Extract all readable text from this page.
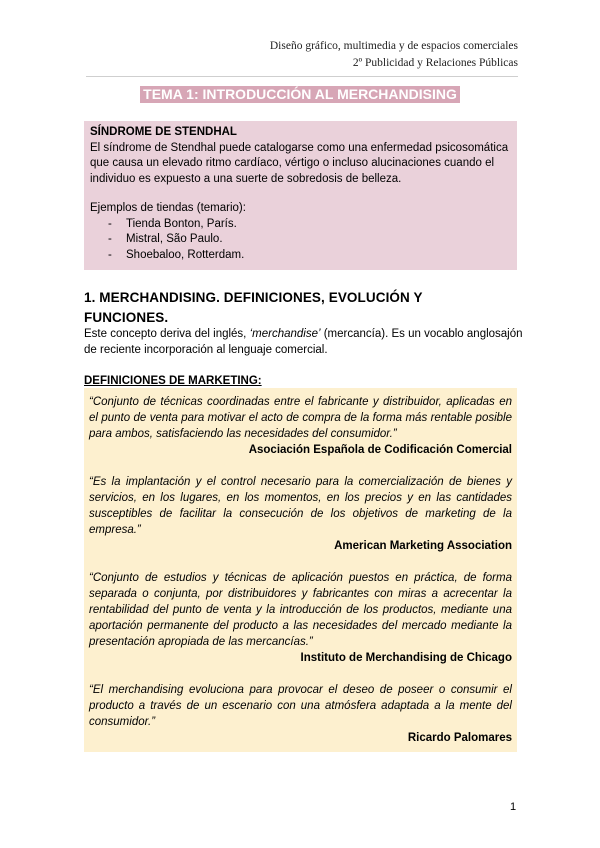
Diseño gráfico, multimedia y de espacios comerciales
2º Publicidad y Relaciones Públicas
TEMA 1: INTRODUCCIÓN AL MERCHANDISING
SÍNDROME DE STENDHAL

El síndrome de Stendhal puede catalogarse como una enfermedad psicosomática que causa un elevado ritmo cardíaco, vértigo o incluso alucinaciones cuando el individuo es expuesto a una suerte de sobredosis de belleza.

Ejemplos de tiendas (temario):
- Tienda Bonton, París.
- Mistral, São Paulo.
- Shoebaloo, Rotterdam.
1. MERCHANDISING. DEFINICIONES, EVOLUCIÓN Y FUNCIONES.
Este concepto deriva del inglés, ‘merchandise’ (mercancía). Es un vocablo anglosajón de reciente incorporación al lenguaje comercial.
DEFINICIONES DE MARKETING:

“Conjunto de técnicas coordinadas entre el fabricante y distribuidor, aplicadas en el punto de venta para motivar el acto de compra de la forma más rentable posible para ambos, satisfaciendo las necesidades del consumidor.”

Asociación Española de Codificación Comercial

“Es la implantación y el control necesario para la comercialización de bienes y servicios, en los lugares, en los momentos, en los precios y en las cantidades susceptibles de facilitar la consecución de los objetivos de marketing de la empresa.”

American Marketing Association

“Conjunto de estudios y técnicas de aplicación puestos en práctica, de forma separada o conjunta, por distribuidores y fabricantes con miras a acrecentar la rentabilidad del punto de venta y la introducción de los productos, mediante una aportación permanente del producto a las necesidades del mercado mediante la presentación apropiada de las mercancías.”

Instituto de Merchandising de Chicago

“El merchandising evoluciona para provocar el deseo de poseer o consumir el producto a través de un escenario con una atmósfera adaptada a la mente del consumidor.”

Ricardo Palomares

1
